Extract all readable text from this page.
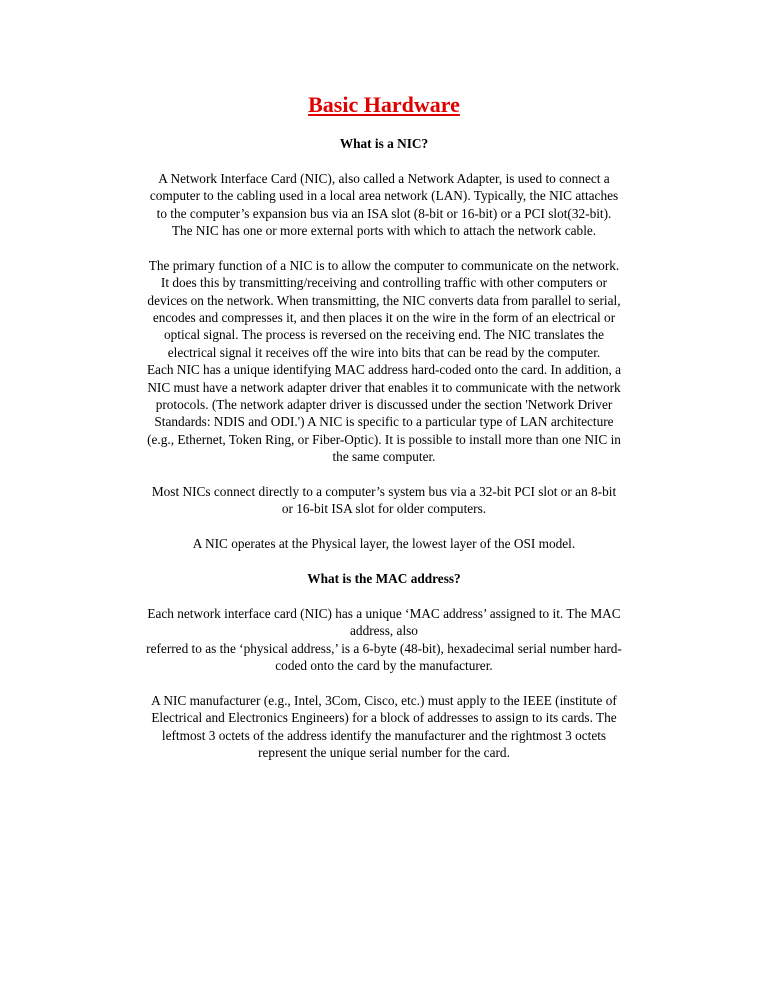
Basic Hardware
What is a NIC?
A Network Interface Card (NIC), also called a Network Adapter, is used to connect a
computer to the cabling used in a local area network (LAN). Typically, the NIC attaches
to the computer’s expansion bus via an ISA slot (8-bit or 16-bit) or a PCI slot(32-bit).
The NIC has one or more external ports with which to attach the network cable.
The primary function of a NIC is to allow the computer to communicate on the network.
It does this by transmitting/receiving and controlling traffic with other computers or
devices on the network. When transmitting, the NIC converts data from parallel to serial,
encodes and compresses it, and then places it on the wire in the form of an electrical or
optical signal. The process is reversed on the receiving end. The NIC translates the
electrical signal it receives off the wire into bits that can be read by the computer.
Each NIC has a unique identifying MAC address hard-coded onto the card. In addition, a
NIC must have a network adapter driver that enables it to communicate with the network
protocols. (The network adapter driver is discussed under the section 'Network Driver
Standards: NDIS and ODI.') A NIC is specific to a particular type of LAN architecture
(e.g., Ethernet, Token Ring, or Fiber-Optic). It is possible to install more than one NIC in
the same computer.
Most NICs connect directly to a computer’s system bus via a 32-bit PCI slot or an 8-bit
or 16-bit ISA slot for older computers.
A NIC operates at the Physical layer, the lowest layer of the OSI model.
What is the MAC address?
Each network interface card (NIC) has a unique ‘MAC address’ assigned to it. The MAC
address, also
referred to as the ‘physical address,’ is a 6-byte (48-bit), hexadecimal serial number hard-
coded onto the card by the manufacturer.
A NIC manufacturer (e.g., Intel, 3Com, Cisco, etc.) must apply to the IEEE (institute of
Electrical and Electronics Engineers) for a block of addresses to assign to its cards. The
leftmost 3 octets of the address identify the manufacturer and the rightmost 3 octets
represent the unique serial number for the card.
